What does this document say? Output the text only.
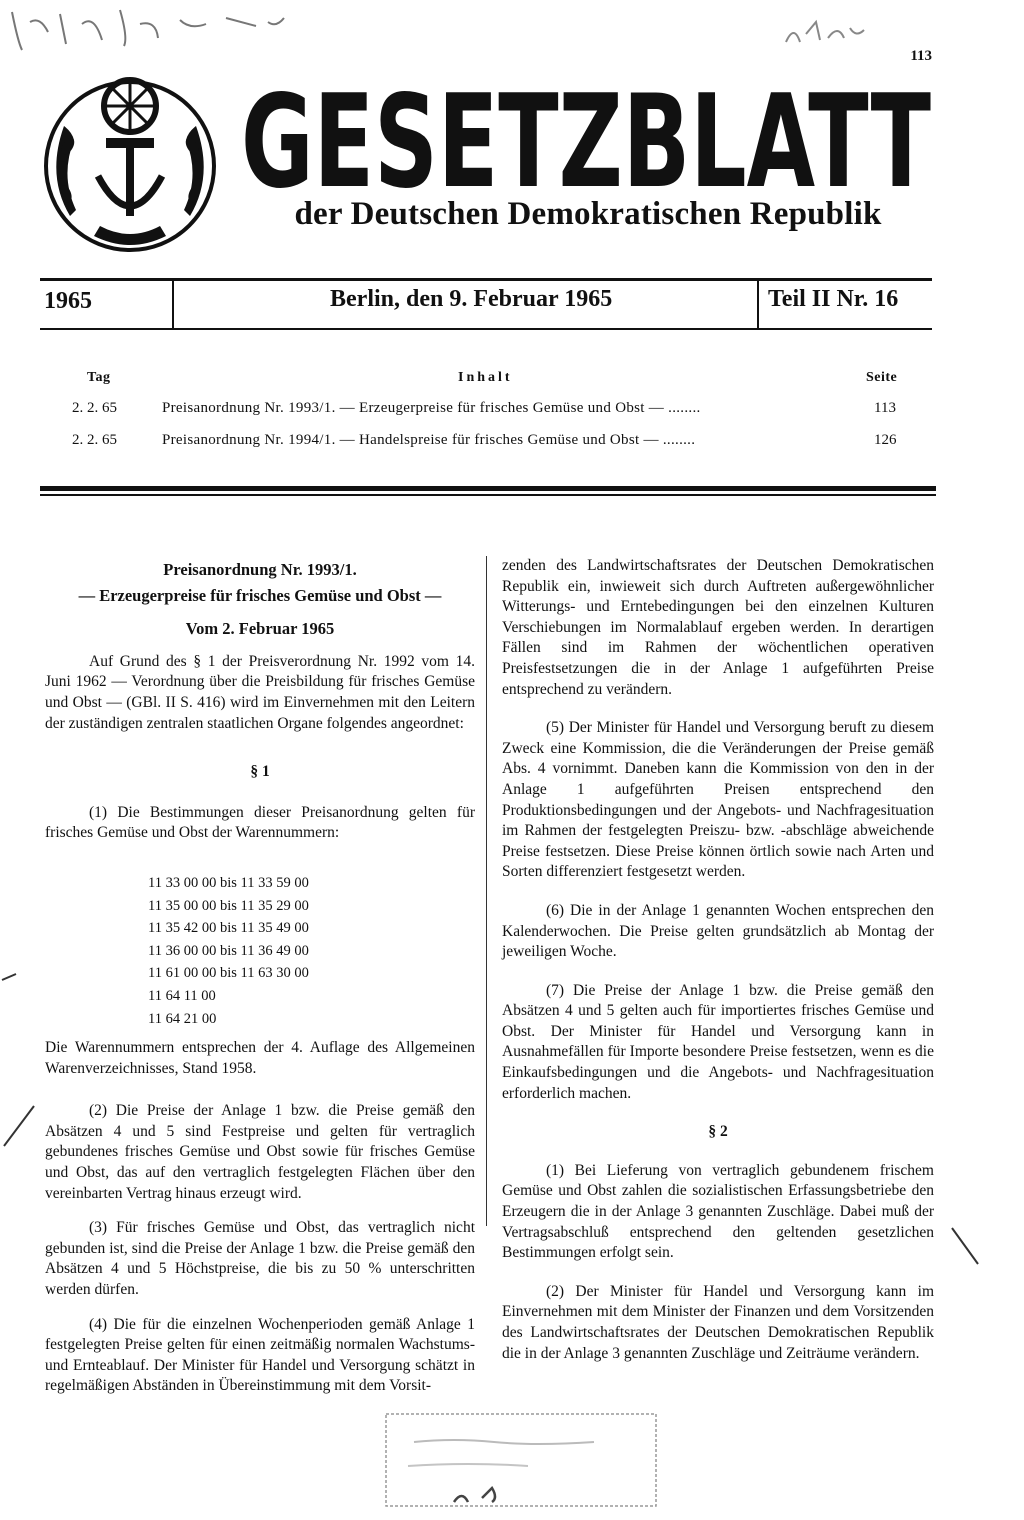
113
GESETZBLATT
der Deutschen Demokratischen Republik
1965	Berlin, den 9. Februar 1965	Teil II Nr. 16
Tag	Inhalt	Seite
2. 2. 65	Preisanordnung Nr. 1993/1. — Erzeugerpreise für frisches Gemüse und Obst — ........	113
2. 2. 65	Preisanordnung Nr. 1994/1. — Handelspreise für frisches Gemüse und Obst — ........	126

Preisanordnung Nr. 1993/1.

— Erzeugerpreise für frisches Gemüse und Obst —

Vom 2. Februar 1965

Auf Grund des § 1 der Preisverordnung Nr. 1992 vom 14. Juni 1962 — Verordnung über die Preisbildung für frisches Gemüse und Obst — (GBl. II S. 416) wird im Einvernehmen mit den Leitern der zuständigen zentralen staatlichen Organe folgendes angeordnet:

§ 1

(1) Die Bestimmungen dieser Preisanordnung gelten für frisches Gemüse und Obst der Warennummern:

11 33 00 00 bis 11 33 59 00
11 35 00 00 bis 11 35 29 00
11 35 42 00 bis 11 35 49 00
11 36 00 00 bis 11 36 49 00
11 61 00 00 bis 11 63 30 00
11 64 11 00
11 64 21 00

Die Warennummern entsprechen der 4. Auflage des Allgemeinen Warenverzeichnisses, Stand 1958.

(2) Die Preise der Anlage 1 bzw. die Preise gemäß den Absätzen 4 und 5 sind Festpreise und gelten für vertraglich gebundenes frisches Gemüse und Obst sowie für frisches Gemüse und Obst, das auf den vertraglich festgelegten Flächen über den vereinbarten Vertrag hinaus erzeugt wird.

(3) Für frisches Gemüse und Obst, das vertraglich nicht gebunden ist, sind die Preise der Anlage 1 bzw. die Preise gemäß den Absätzen 4 und 5 Höchstpreise, die bis zu 50 % unterschritten werden dürfen.

(4) Die für die einzelnen Wochenperioden gemäß Anlage 1 festgelegten Preise gelten für einen zeitmäßig normalen Wachstums- und Ernteablauf. Der Minister für Handel und Versorgung schätzt in regelmäßigen Abständen in Übereinstimmung mit dem Vorsit-

zenden des Landwirtschaftsrates der Deutschen Demokratischen Republik ein, inwieweit sich durch Auftreten außergewöhnlicher Witterungs- und Erntebedingungen bei den einzelnen Kulturen Verschiebungen im Normalablauf ergeben werden. In derartigen Fällen sind im Rahmen der wöchentlichen operativen Preisfestsetzungen die in der Anlage 1 aufgeführten Preise entsprechend zu verändern.

(5) Der Minister für Handel und Versorgung beruft zu diesem Zweck eine Kommission, die die Veränderungen der Preise gemäß Abs. 4 vornimmt. Daneben kann die Kommission von den in der Anlage 1 aufgeführten Preisen entsprechend den Produktionsbedingungen und der Angebots- und Nachfragesituation im Rahmen der festgelegten Preiszu- bzw. -abschläge abweichende Preise festsetzen. Diese Preise können örtlich sowie nach Arten und Sorten differenziert festgesetzt werden.

(6) Die in der Anlage 1 genannten Wochen entsprechen den Kalenderwochen. Die Preise gelten grundsätzlich ab Montag der jeweiligen Woche.

(7) Die Preise der Anlage 1 bzw. die Preise gemäß den Absätzen 4 und 5 gelten auch für importiertes frisches Gemüse und Obst. Der Minister für Handel und Versorgung kann in Ausnahmefällen für Importe besondere Preise festsetzen, wenn es die Einkaufsbedingungen und die Angebots- und Nachfragesituation erforderlich machen.

§ 2

(1) Bei Lieferung von vertraglich gebundenem frischem Gemüse und Obst zahlen die sozialistischen Erfassungsbetriebe den Erzeugern die in der Anlage 3 genannten Zuschläge. Dabei muß der Vertragsabschluß entsprechend den geltenden gesetzlichen Bestimmungen erfolgt sein.

(2) Der Minister für Handel und Versorgung kann im Einvernehmen mit dem Minister der Finanzen und dem Vorsitzenden des Landwirtschaftsrates der Deutschen Demokratischen Republik die in der Anlage 3 genannten Zuschläge und Zeiträume verändern.
